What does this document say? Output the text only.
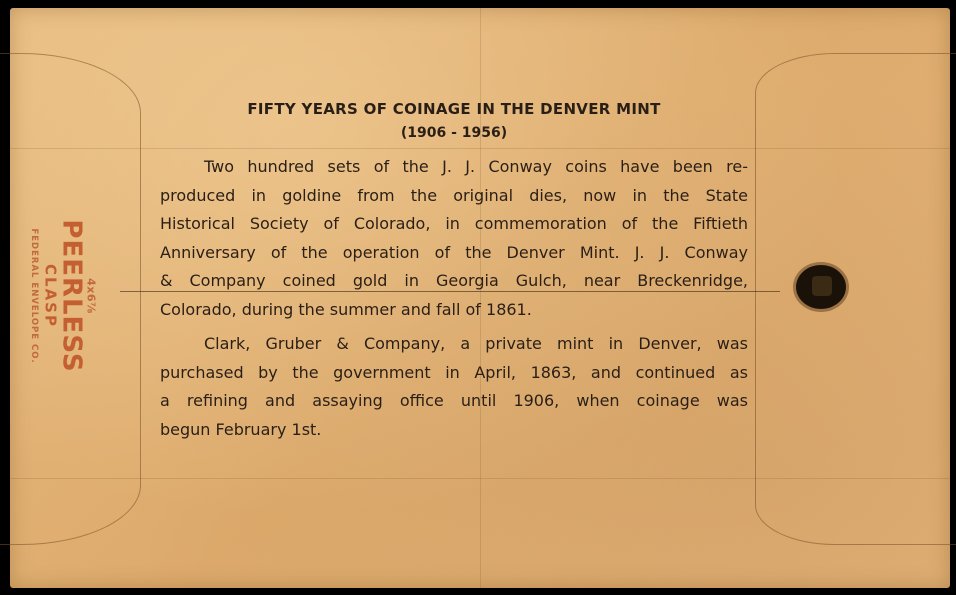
4x6⅞
PEERLESS
CLASP
FEDERAL ENVELOPE CO.
FIFTY YEARS OF COINAGE IN THE DENVER MINT
(1906 - 1956)
Two hundred sets of the J. J. Conway coins have been re-
produced in goldine from the original dies, now in the State
Historical Society of Colorado, in commemoration of the Fiftieth
Anniversary of the operation of the Denver Mint. J. J. Conway
& Company coined gold in Georgia Gulch, near Breckenridge,
Colorado, during the summer and fall of 1861.
Clark, Gruber & Company, a private mint in Denver, was
purchased by the government in April, 1863, and continued as
a refining and assaying office until 1906, when coinage was
begun February 1st.
